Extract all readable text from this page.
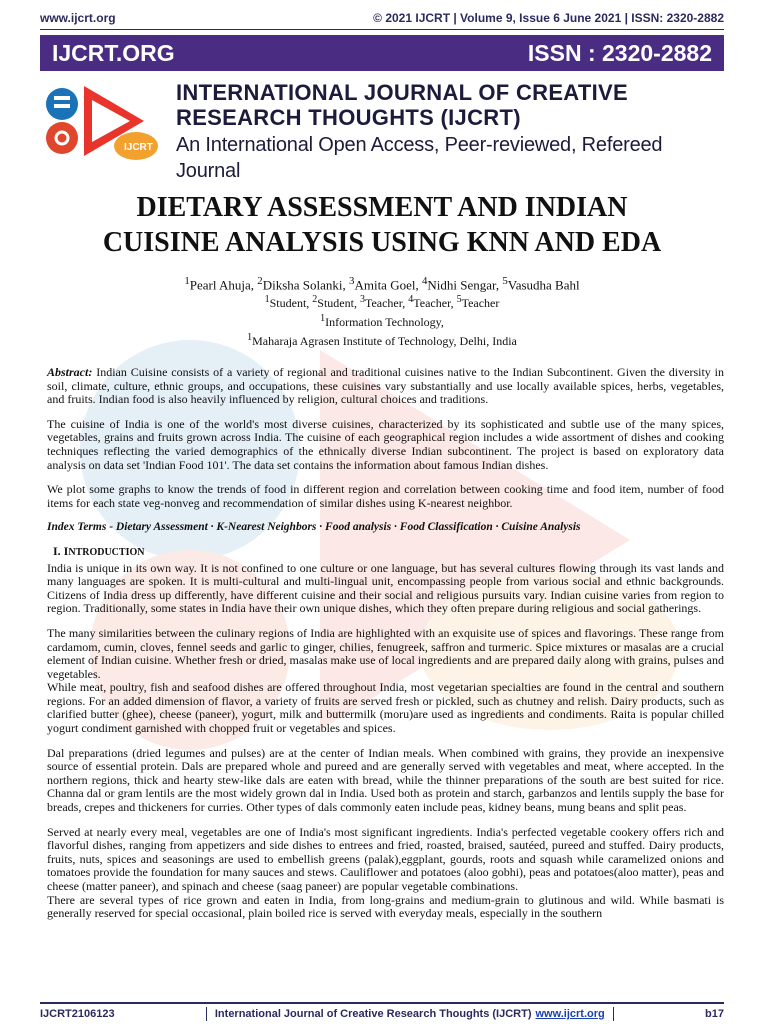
www.ijcrt.org	© 2021 IJCRT | Volume 9, Issue 6 June 2021 | ISSN: 2320-2882
IJCRT.ORG	ISSN : 2320-2882
IJCRT
INTERNATIONAL JOURNAL OF CREATIVE
RESEARCH THOUGHTS (IJCRT)
An International Open Access, Peer-reviewed, Refereed Journal
DIETARY ASSESSMENT AND INDIAN
CUISINE ANALYSIS USING KNN AND EDA
$^1$Pearl Ahuja, $^2$Diksha Solanki, $^3$Amita Goel, $^4$Nidhi Sengar, $^5$Vasudha Bahl
$^1$Student, $^2$Student, $^3$Teacher, $^4$Teacher, $^5$Teacher
$^1$Information Technology,
$^1$Maharaja Agrasen Institute of Technology, Delhi, India

Abstract: Indian Cuisine consists of a variety of regional and traditional cuisines native to the Indian Subcontinent. Given the diversity in soil, climate, culture, ethnic groups, and occupations, these cuisines vary substantially and use locally available spices, herbs, vegetables, and fruits. Indian food is also heavily influenced by religion, cultural choices and traditions.

The cuisine of India is one of the world's most diverse cuisines, characterized by its sophisticated and subtle use of the many spices, vegetables, grains and fruits grown across India. The cuisine of each geographical region includes a wide assortment of dishes and cooking techniques reflecting the varied demographics of the ethnically diverse Indian subcontinent. The project is based on exploratory data analysis on data set 'Indian Food 101'. The data set contains the information about famous Indian dishes.

We plot some graphs to know the trends of food in different region and correlation between cooking time and food item, number of food items for each state veg-nonveg and recommendation of similar dishes using K-nearest neighbor.

Index Terms - Dietary Assessment · K-Nearest Neighbors · Food analysis · Food Classification · Cuisine Analysis
I. INTRODUCTION

India is unique in its own way. It is not confined to one culture or one language, but has several cultures flowing through its vast lands and many languages are spoken. It is multi-cultural and multi-lingual unit, encompassing people from various social and ethnic backgrounds. Citizens of India dress up differently, have different cuisine and their social and religious pursuits vary. Indian cuisine varies from region to region. Traditionally, some states in India have their own unique dishes, which they often prepare during religious and social gatherings.

The many similarities between the culinary regions of India are highlighted with an exquisite use of spices and flavorings. These range from cardamom, cumin, cloves, fennel seeds and garlic to ginger, chilies, fenugreek, saffron and turmeric. Spice mixtures or masalas are a crucial element of Indian cuisine. Whether fresh or dried, masalas make use of local ingredients and are prepared daily along with grains, pulses and vegetables.

While meat, poultry, fish and seafood dishes are offered throughout India, most vegetarian specialties are found in the central and southern regions. For an added dimension of flavor, a variety of fruits are served fresh or pickled, such as chutney and relish. Dairy products, such as clarified butter (ghee), cheese (paneer), yogurt, milk and buttermilk (moru)are used as ingredients and condiments. Raita is popular chilled yogurt condiment garnished with chopped fruit or vegetables and spices.

Dal preparations (dried legumes and pulses) are at the center of Indian meals. When combined with grains, they provide an inexpensive source of essential protein. Dals are prepared whole and pureed and are generally served with vegetables and meat, where accepted. In the northern regions, thick and hearty stew-like dals are eaten with bread, while the thinner preparations of the south are best suited for rice. Channa dal or gram lentils are the most widely grown dal in India. Used both as protein and starch, garbanzos and lentils supply the base for breads, crepes and thickeners for curries. Other types of dals commonly eaten include peas, kidney beans, mung beans and split peas.

Served at nearly every meal, vegetables are one of India's most significant ingredients. India's perfected vegetable cookery offers rich and flavorful dishes, ranging from appetizers and side dishes to entrees and fried, roasted, braised, sautéed, pureed and stuffed. Dairy products, fruits, nuts, spices and seasonings are used to embellish greens (palak),eggplant, gourds, roots and squash while caramelized onions and tomatoes provide the foundation for many sauces and stews. Cauliflower and potatoes (aloo gobhi), peas and potatoes(aloo matter), peas and cheese (matter paneer), and spinach and cheese (saag paneer) are popular vegetable combinations.

There are several types of rice grown and eaten in India, from long-grains and medium-grain to glutinous and wild. While basmati is generally reserved for special occasional, plain boiled rice is served with everyday meals, especially in the southern

IJCRT2106123	International Journal of Creative Research Thoughts (IJCRT) www.ijcrt.org	b17
